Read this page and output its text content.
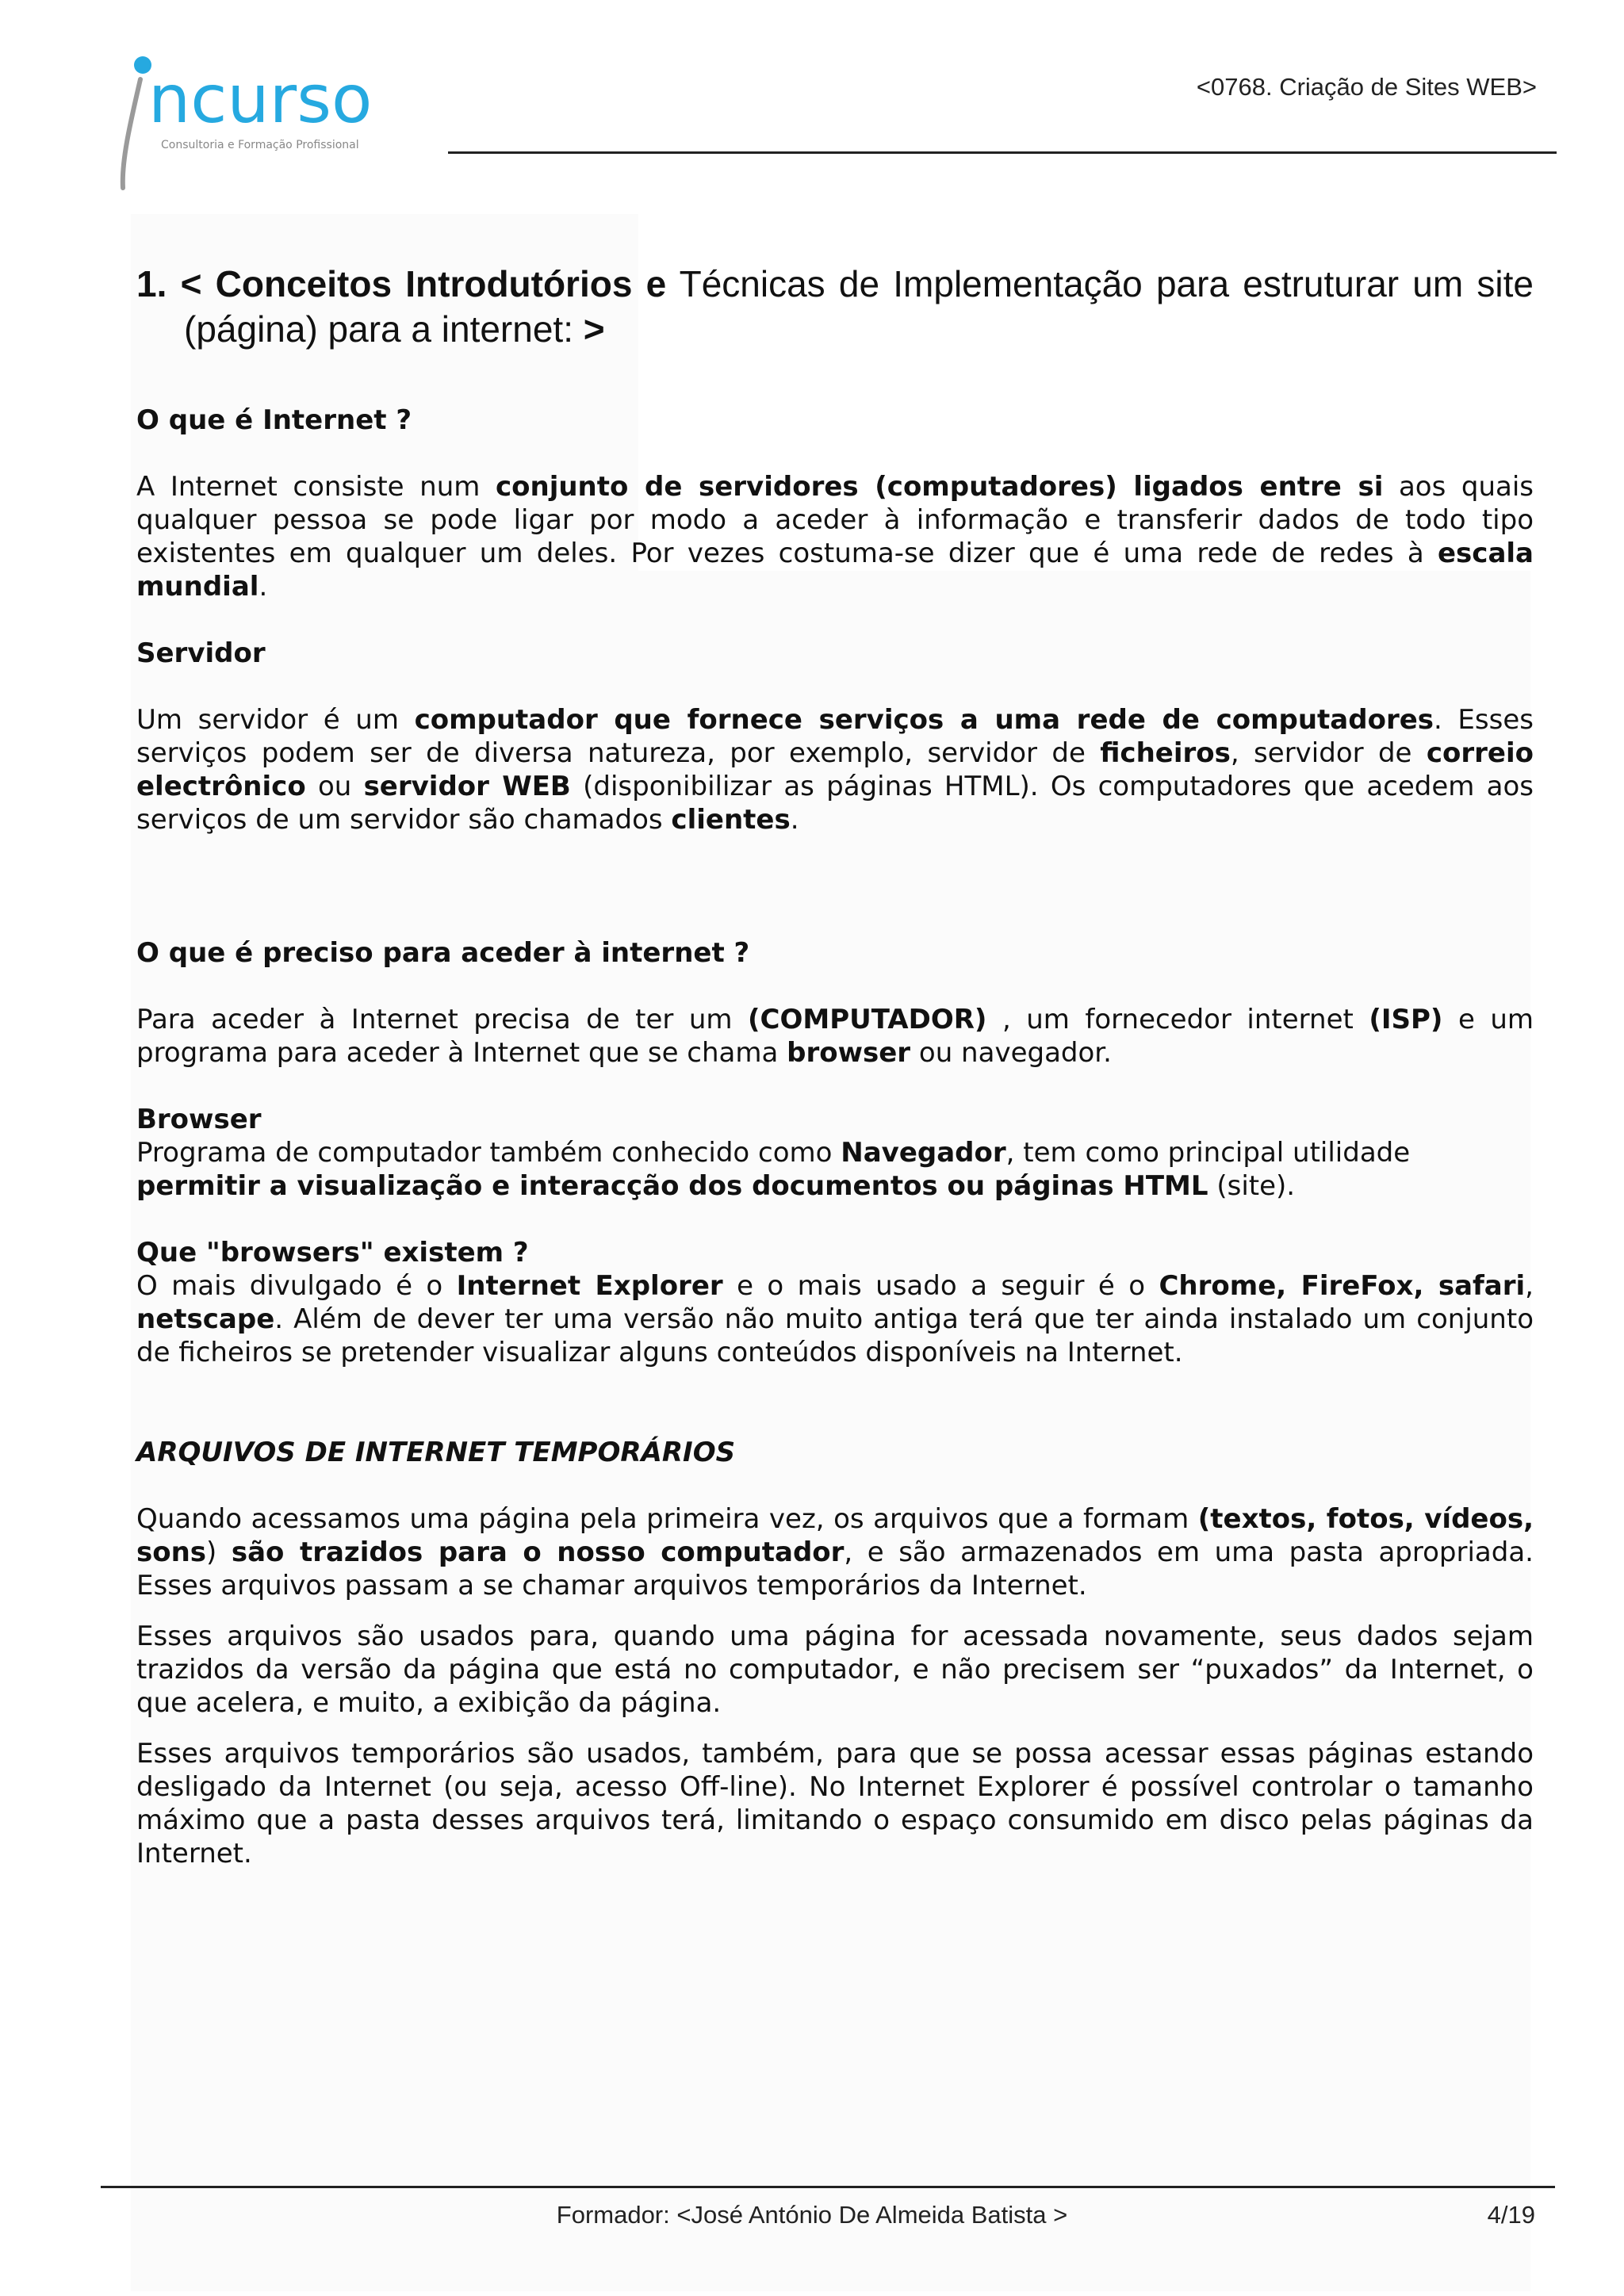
ncurso
Consultoria e Formação Profissional
<0768. Criação de Sites WEB>
1. < Conceitos Introdutórios e Técnicas de Implementação para estruturar um site (página) para a internet: >
O que é Internet ?

A Internet consiste num conjunto de servidores (computadores) ligados entre si aos quais qualquer pessoa se pode ligar por modo a aceder à informação e transferir dados de todo tipo existentes em qualquer um deles. Por vezes costuma-se dizer que é uma rede de redes à escala mundial.

Servidor

Um servidor é um computador que fornece serviços a uma rede de computadores. Esses serviços podem ser de diversa natureza, por exemplo, servidor de ficheiros, servidor de correio electrônico ou servidor WEB (disponibilizar as páginas HTML). Os computadores que acedem aos serviços de um servidor são chamados clientes.

O que é preciso para aceder à internet ?

Para aceder à Internet precisa de ter um (COMPUTADOR) , um fornecedor internet (ISP) e um programa para aceder à Internet que se chama browser ou navegador.

Browser

Programa de computador também conhecido como Navegador, tem como principal utilidade
permitir a visualização e interacção dos documentos ou páginas HTML (site).

Que "browsers" existem ?

O mais divulgado é o Internet Explorer e o mais usado a seguir é o Chrome, FireFox, safari, netscape. Além de dever ter uma versão não muito antiga terá que ter ainda instalado um conjunto de ficheiros se pretender visualizar alguns conteúdos disponíveis na Internet.

ARQUIVOS DE INTERNET TEMPORÁRIOS

Quando acessamos uma página pela primeira vez, os arquivos que a formam (textos, fotos, vídeos, sons) são trazidos para o nosso computador, e são armazenados em uma pasta apropriada. Esses arquivos passam a se chamar arquivos temporários da Internet.

Esses arquivos são usados para, quando uma página for acessada novamente, seus dados sejam trazidos da versão da página que está no computador, e não precisem ser “puxados” da Internet, o que acelera, e muito, a exibição da página.

Esses arquivos temporários são usados, também, para que se possa acessar essas páginas estando desligado da Internet (ou seja, acesso Off-line). No Internet Explorer é possível controlar o tamanho máximo que a pasta desses arquivos terá, limitando o espaço consumido em disco pelas páginas da Internet.

Formador: <José António De Almeida Batista >	4/19
